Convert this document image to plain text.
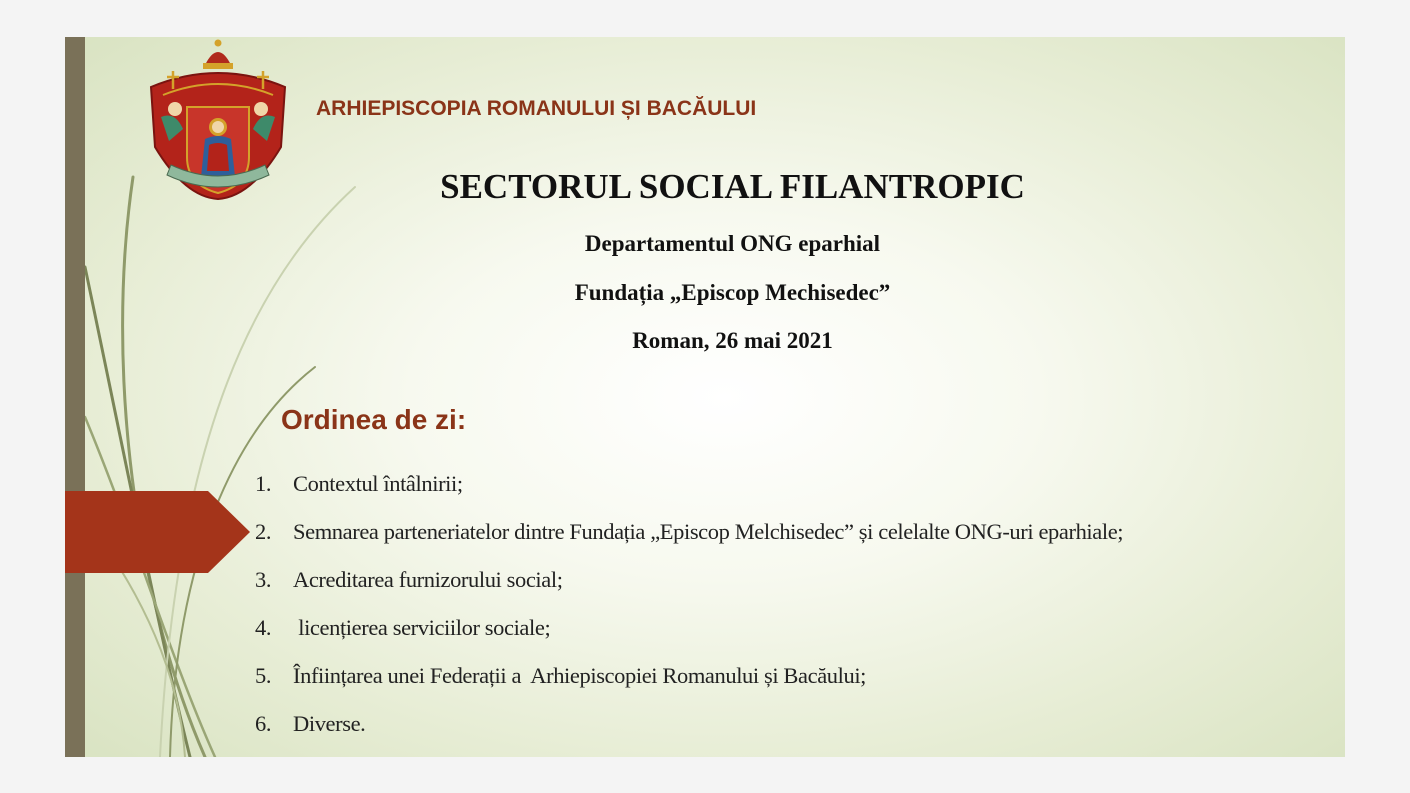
ARHIEPISCOPIA ROMANULUI ȘI BACĂULUI
SECTORUL SOCIAL FILANTROPIC
Departamentul ONG eparhial
Fundația „Episcop Mechisedec”
Roman, 26 mai 2021
Ordinea de zi:
1. Contextul întâlnirii;
2. Semnarea parteneriatelor dintre Fundația „Episcop Melchisedec” și celelalte ONG-uri eparhiale;
3. Acreditarea furnizorului social;
4. licențierea serviciilor sociale;
5. Înființarea unei Federații a  Arhiepiscopiei Romanului și Bacăului;
6. Diverse.
